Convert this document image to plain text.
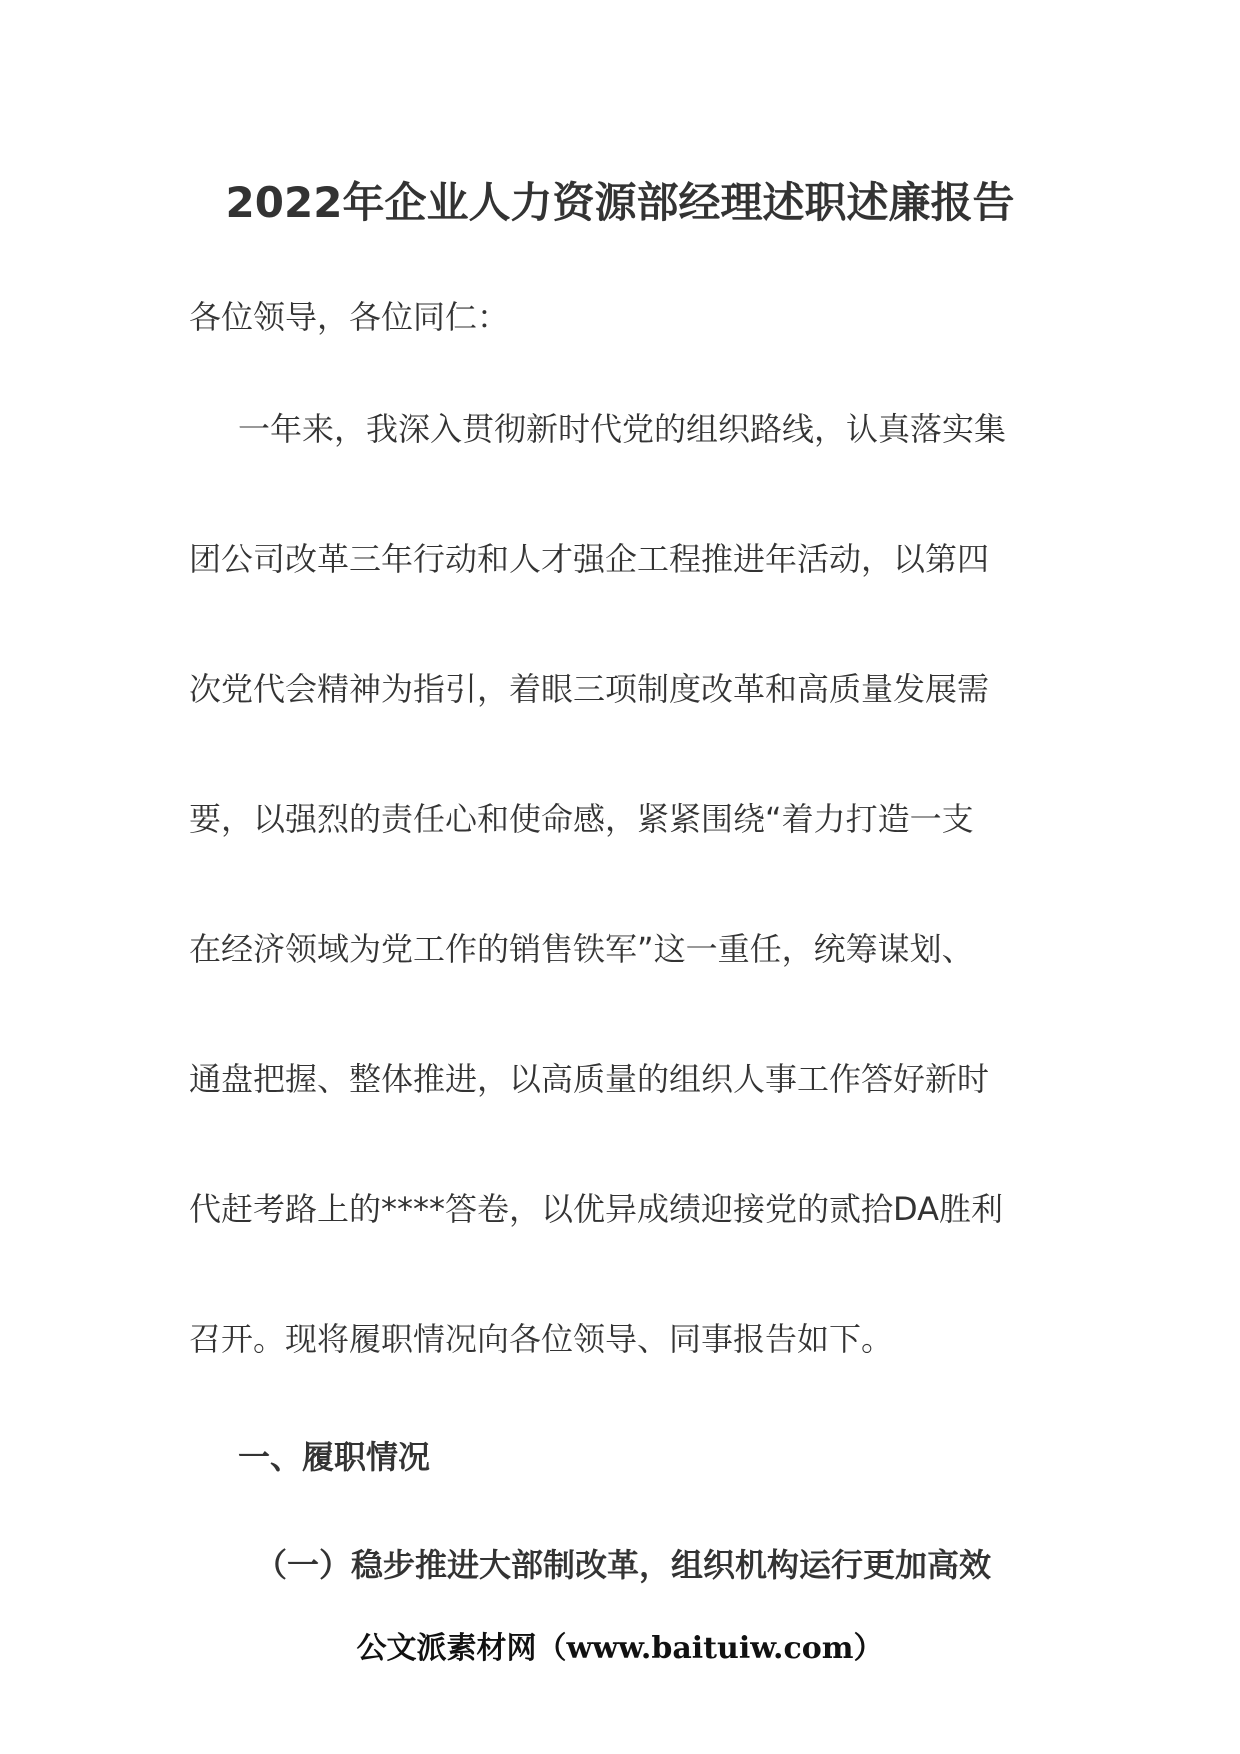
2022年企业人力资源部经理述职述廉报告
各位领导，各位同仁：
一年来，我深入贯彻新时代党的组织路线，认真落实集
团公司改革三年行动和人才强企工程推进年活动，以第四
次党代会精神为指引，着眼三项制度改革和高质量发展需
要，以强烈的责任心和使命感，紧紧围绕“着力打造一支
在经济领域为党工作的销售铁军”这一重任，统筹谋划、
通盘把握、整体推进，以高质量的组织人事工作答好新时
代赶考路上的****答卷，以优异成绩迎接党的贰拾DA胜利
召开。现将履职情况向各位领导、同事报告如下。
一、履职情况
（一）稳步推进大部制改革，组织机构运行更加高效
公文派素材网（www.baituiw.com）
